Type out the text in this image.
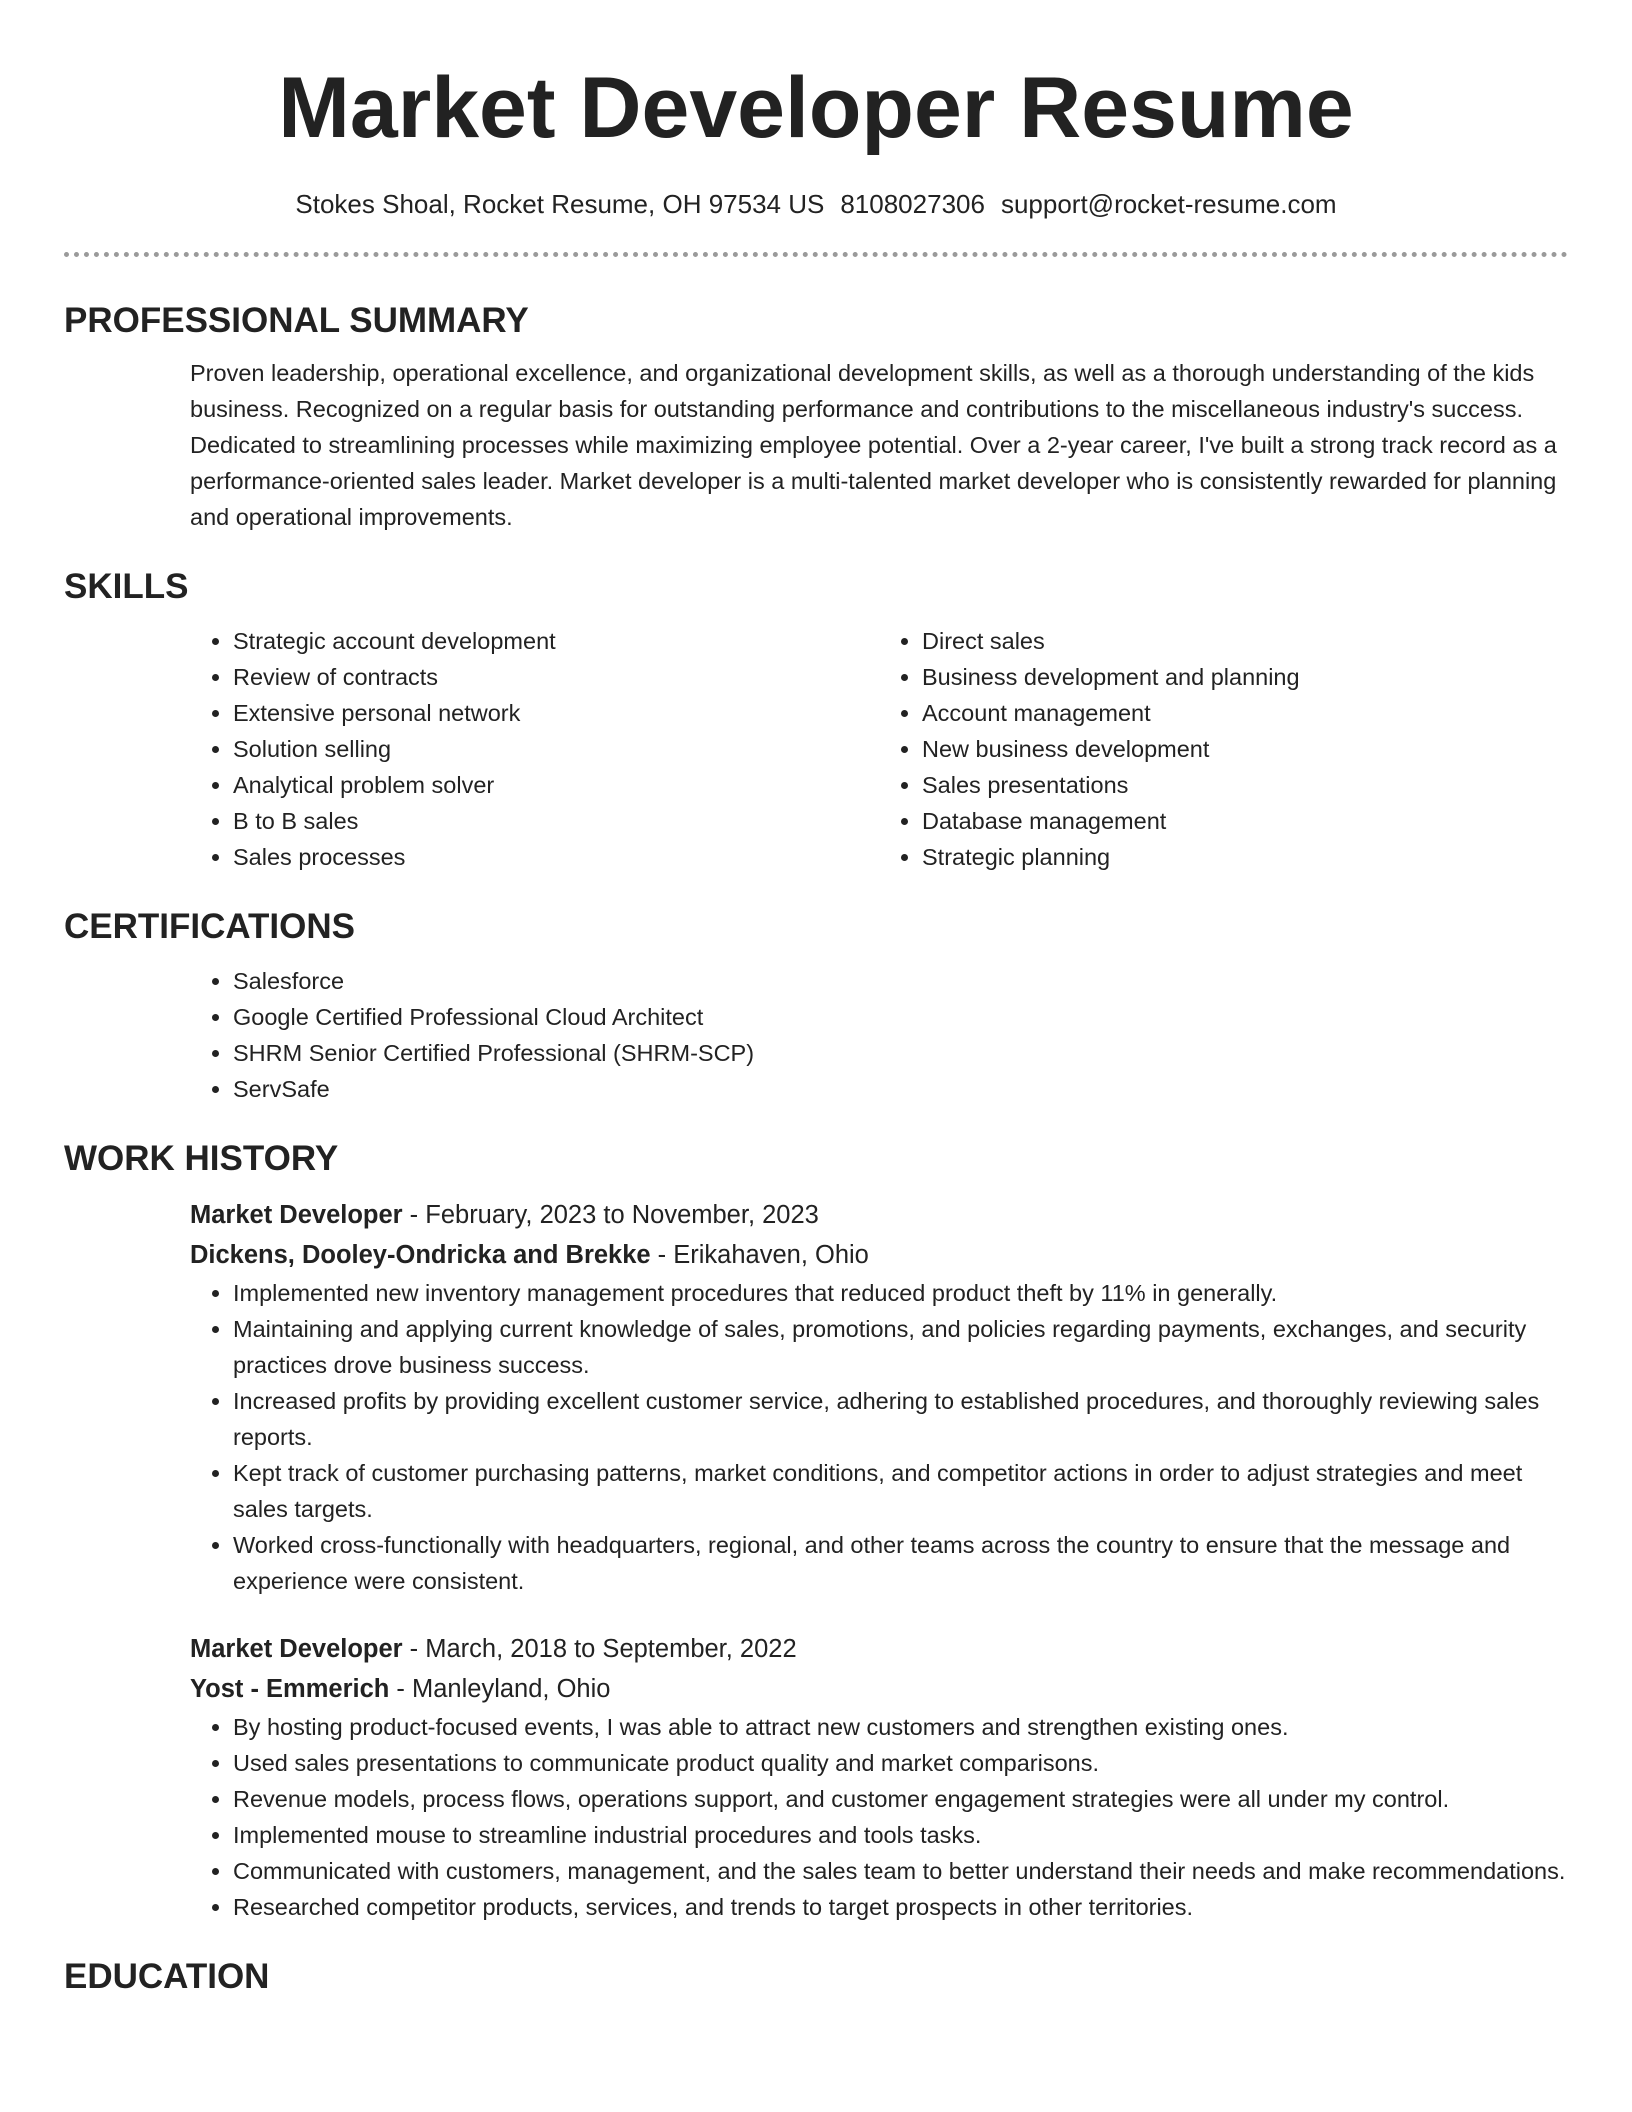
Market Developer Resume
Stokes Shoal, Rocket Resume, OH 97534 US 8108027306 support@rocket-resume.com
PROFESSIONAL SUMMARY

Proven leadership, operational excellence, and organizational development skills, as well as a thorough understanding of the kids business. Recognized on a regular basis for outstanding performance and contributions to the miscellaneous industry's success. Dedicated to streamlining processes while maximizing employee potential. Over a 2-year career, I've built a strong track record as a performance-oriented sales leader. Market developer is a multi-talented market developer who is consistently rewarded for planning and operational improvements.

SKILLS
• Strategic account development
• Review of contracts
• Extensive personal network
• Solution selling
• Analytical problem solver
• B to B sales
• Sales processes
• Direct sales
• Business development and planning
• Account management
• New business development
• Sales presentations
• Database management
• Strategic planning
CERTIFICATIONS
• Salesforce
• Google Certified Professional Cloud Architect
• SHRM Senior Certified Professional (SHRM-SCP)
• ServSafe
WORK HISTORY
Market Developer - February, 2023 to November, 2023
Dickens, Dooley-Ondricka and Brekke - Erikahaven, Ohio
• Implemented new inventory management procedures that reduced product theft by 11% in generally.
• Maintaining and applying current knowledge of sales, promotions, and policies regarding payments, exchanges, and security practices drove business success.
• Increased profits by providing excellent customer service, adhering to established procedures, and thoroughly reviewing sales reports.
• Kept track of customer purchasing patterns, market conditions, and competitor actions in order to adjust strategies and meet sales targets.
• Worked cross-functionally with headquarters, regional, and other teams across the country to ensure that the message and experience were consistent.
Market Developer - March, 2018 to September, 2022
Yost - Emmerich - Manleyland, Ohio
• By hosting product-focused events, I was able to attract new customers and strengthen existing ones.
• Used sales presentations to communicate product quality and market comparisons.
• Revenue models, process flows, operations support, and customer engagement strategies were all under my control.
• Implemented mouse to streamline industrial procedures and tools tasks.
• Communicated with customers, management, and the sales team to better understand their needs and make recommendations.
• Researched competitor products, services, and trends to target prospects in other territories.
EDUCATION
